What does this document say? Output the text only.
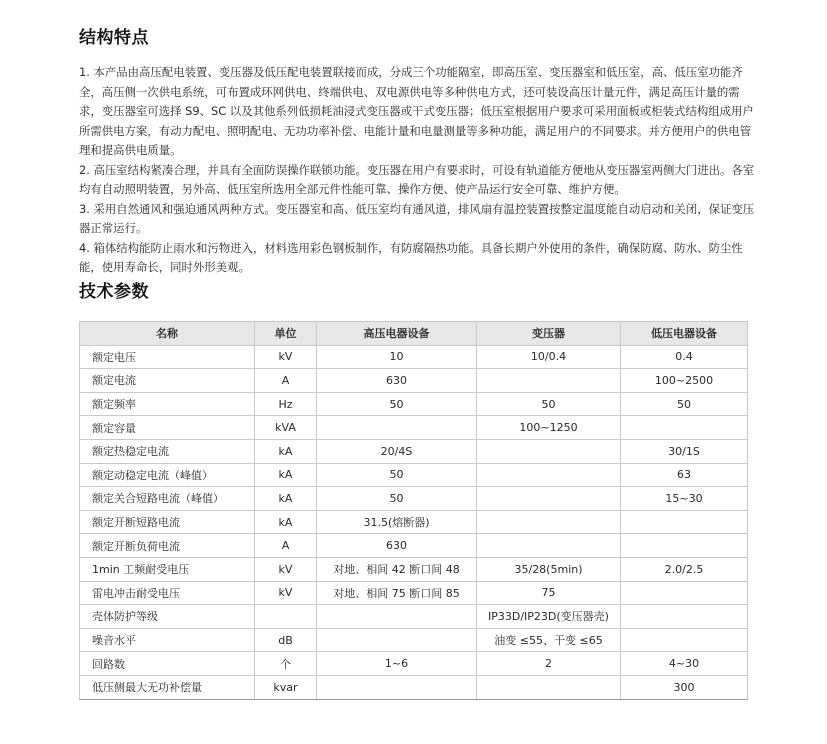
结构特点

1. 本产品由高压配电装置、变压器及低压配电装置联接而成，分成三个功能隔室，即高压室、变压器室和低压室，高、低压室功能齐全，高压侧一次供电系统，可布置成环网供电、终端供电、双电源供电等多种供电方式，还可装设高压计量元件，满足高压计量的需求，变压器室可选择 S9、SC 以及其他系列低损耗油浸式变压器或干式变压器；低压室根据用户要求可采用面板或柜装式结构组成用户所需供电方案，有动力配电、照明配电、无功功率补偿、电能计量和电量测量等多种功能，满足用户的不同要求。并方便用户的供电管理和提高供电质量。

2. 高压室结构紧凑合理，并具有全面防误操作联锁功能。变压器在用户有要求时，可设有轨道能方便地从变压器室两侧大门进出。各室均有自动照明装置，另外高、低压室所选用全部元件性能可靠、操作方便、使产品运行安全可靠、维护方便。

3. 采用自然通风和强迫通风两种方式。变压器室和高、低压室均有通风道，排风扇有温控装置按整定温度能自动启动和关闭，保证变压器正常运行。

4. 箱体结构能防止雨水和污物进入，材料选用彩色钢板制作，有防腐隔热功能。具备长期户外使用的条件，确保防腐、防水、防尘性能，使用寿命长，同时外形美观。

技术参数
名称	单位	高压电器设备	变压器	低压电器设备
额定电压	kV	10	10/0.4	0.4
额定电流	A	630		100~2500
额定频率	Hz	50	50	50
额定容量	kVA		100~1250	
额定热稳定电流	kA	20/4S		30/1S
额定动稳定电流（峰值）	kA	50		63
额定关合短路电流（峰值）	kA	50		15~30
额定开断短路电流	kA	31.5(熔断器)		
额定开断负荷电流	A	630		
1min 工频耐受电压	kV	对地、相间 42 断口间 48	35/28(5min)	2.0/2.5
雷电冲击耐受电压	kV	对地、相间 75 断口间 85	75	
壳体防护等级			IP33D/IP23D(变压器壳)	
噪音水平	dB		油变 ≤55、干变 ≤65	
回路数	个	1~6	2	4~30
低压侧最大无功补偿量	kvar			300
